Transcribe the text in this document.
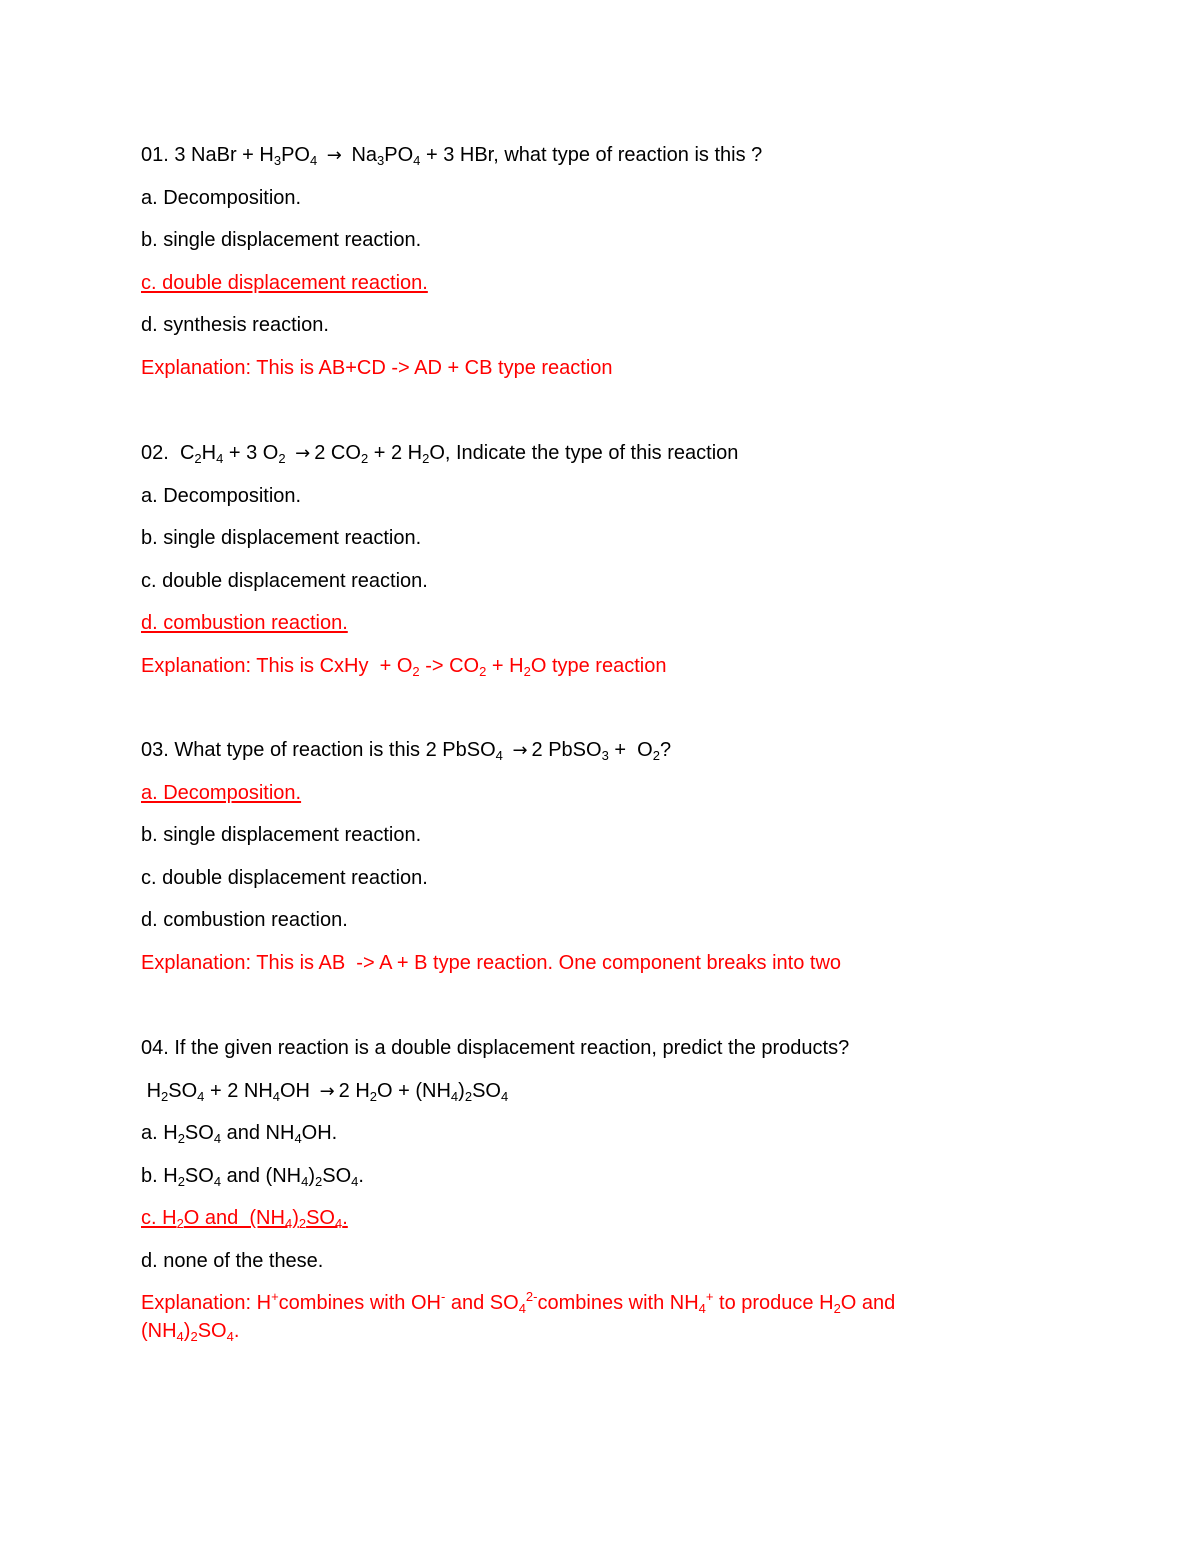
01. 3 NaBr + $H_3PO_4 \to Na_3PO_4 + 3$ HBr, what type of reaction is this ?
a. Decomposition.
b. single displacement reaction.
c. double displacement reaction.
d. synthesis reaction.
Explanation: This is AB+CD -> AD + CB type reaction
02. $C_2H_4 + 3$ $O_2 \to 2$ $CO_2 + 2$ $H_2O$, Indicate the type of this reaction
a. Decomposition.
b. single displacement reaction.
c. double displacement reaction.
d. combustion reaction.
Explanation: This is CxHy  + $O_2 -> CO_2 + H_2O$ type reaction
03. What type of reaction is this 2 PbSO$_4$ → 2 PbSO$_3$ +  $O_2$?
a. Decomposition.
b. single displacement reaction.
c. double displacement reaction.
d. combustion reaction.
Explanation: This is AB  -> A + B type reaction. One component breaks into two
04. If the given reaction is a double displacement reaction, predict the products?
$H_2SO_4 + 2$ $NH_4OH \to 2$ $H_2O + (NH_4)_2SO_4$
a. $H_2SO_4$ and $NH_4OH$.
b. $H_2SO_4$ and $(NH_4)_2SO_4$.
c. $H_2O$ and  $(NH_4)_2SO_4$.
d. none of the these.
Explanation: H+combines with OH- and $SO_4^{2-}combines$ with $NH_4^+$ to produce $H_2O$ and
$(NH_4)_2SO_4$.
